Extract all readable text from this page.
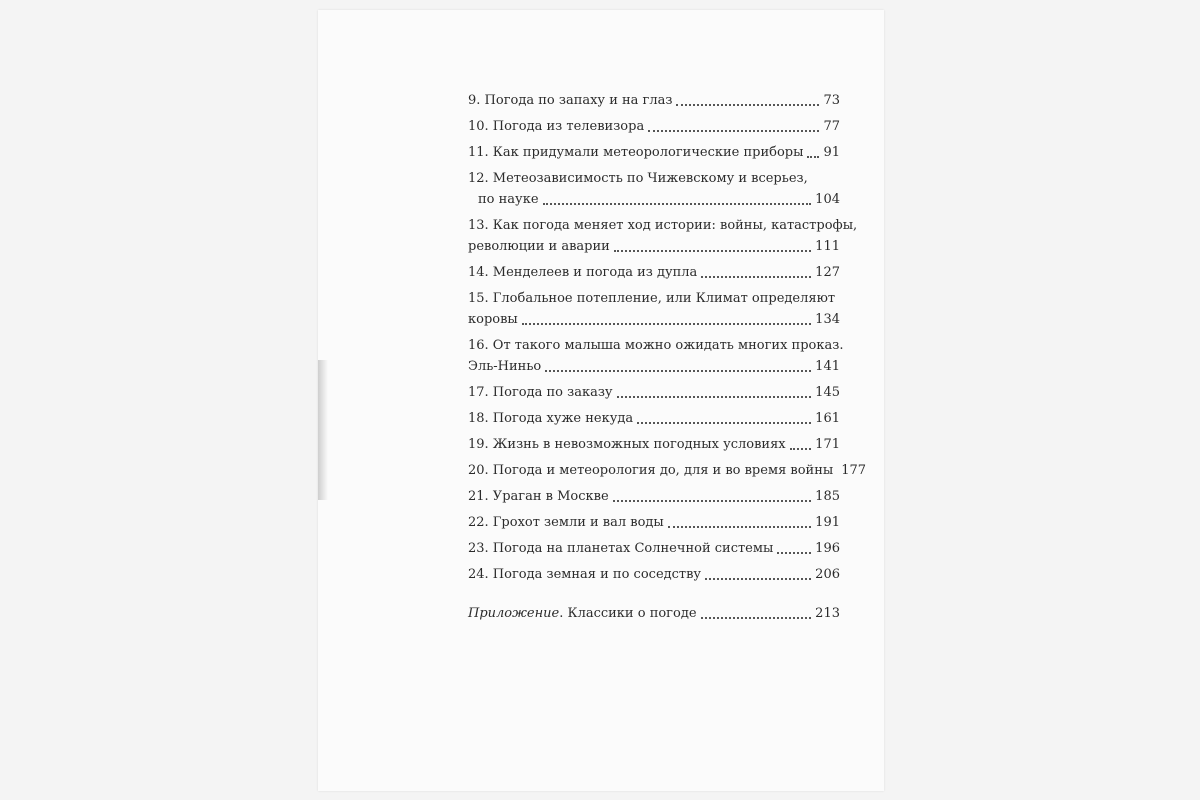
9. Погода по запаху и на глаз	73
10. Погода из телевизора	77
11. Как придумали метеорологические приборы 91
12. Метеозависимость по Чижевскому и всерьез,
по науке	104
13. Как погода меняет ход истории: войны, катастрофы,
революции и аварии	111
14. Менделеев и погода из дупла	127
15. Глобальное потепление, или Климат определяют
коровы	134
16. От такого малыша можно ожидать многих проказ.
Эль-Ниньо	141
17. Погода по заказу	145
18. Погода хуже некуда	161
19. Жизнь в невозможных погодных условиях 171
20. Погода и метеорология до, для и во время войны 177
21. Ураган в Москве	185
22. Грохот земли и вал воды	191
23. Погода на планетах Солнечной системы	196
24. Погода земная и по соседству	206
Приложение. Классики о погоде	213
